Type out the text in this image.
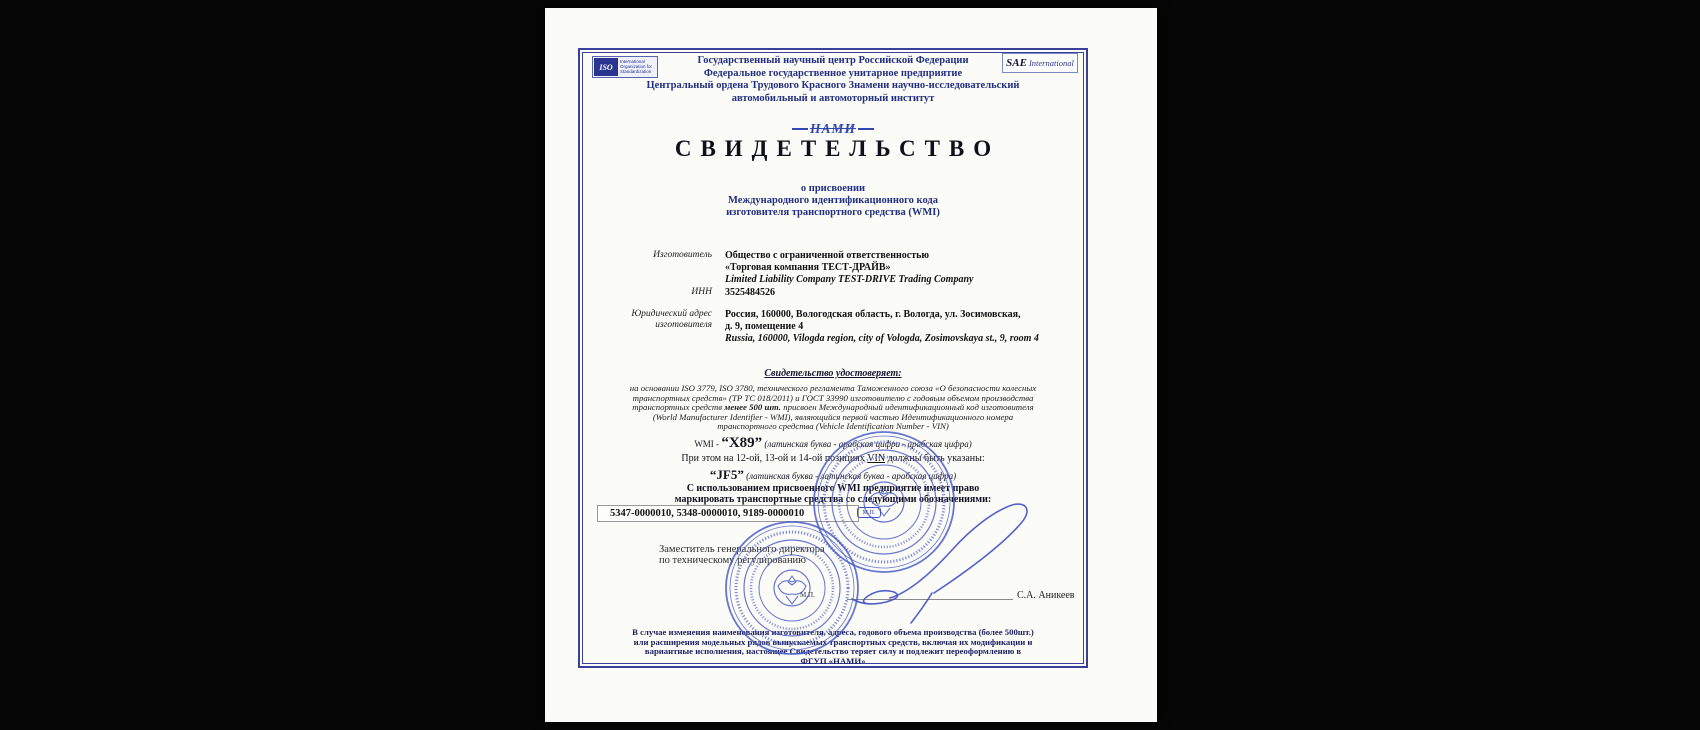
ISO
International Organization for Standardization
SAE International
Государственный научный центр Российской Федерации
Федеральное государственное унитарное предприятие
Центральный ордена Трудового Красного Знамени научно-исследовательский
автомобильный и автомоторный институт
НАМИ
СВИДЕТЕЛЬСТВО
о присвоении
Международного идентификационного кода
изготовителя транспортного средства (WMI)
Изготовитель Общество с ограниченной ответственностью
«Торговая компания ТЕСТ-ДРАЙВ»
Limited Liability Company TEST-DRIVE Trading Company
ИНН 3525484526
Юридический адрес
изготовителя
Россия, 160000, Вологодская область, г. Вологда, ул. Зосимовская,
д. 9, помещение 4
Russia, 160000, Vilogda region, city of Vologda, Zosimovskaya st., 9, room 4
Свидетельство удостоверяет:
на основании ISO 3779, ISO 3780, технического регламента Таможенного союза «О безопасности колесных
транспортных средств» (ТР ТС 018/2011) и ГОСТ 33990 изготовителю с годовым объемом производства
транспортных средств менее 500 шт. присвоен Международный идентификационный код изготовителя
(World Manufacturer Identifier - WMI), являющийся первой частью Идентификационного номера
транспортного средства (Vehicle Identification Number - VIN)
WMI - “X89” (латинская буква - арабская цифра - арабская цифра)
При этом на 12-ой, 13-ой и 14-ой позициях VIN должны быть указаны:
“JF5” (латинская буква - латинская буква - арабская цифра)
С использованием присвоенного WMI предприятие имеет право
маркировать транспортные средства со следующими обозначениями:
5347-0000010, 5348-0000010, 9189-0000010	М.П.
Заместитель генерального директора
по техническому регулированию
М.П.	С.А. Аникеев
В случае изменения наименования изготовителя, адреса, годового объема производства (более 500шт.)
или расширения модельных рядов выпускаемых транспортных средств, включая их модификации и
вариантные исполнения, настоящее Свидетельство теряет силу и подлежит переоформлению в
ФГУП «НАМИ»
